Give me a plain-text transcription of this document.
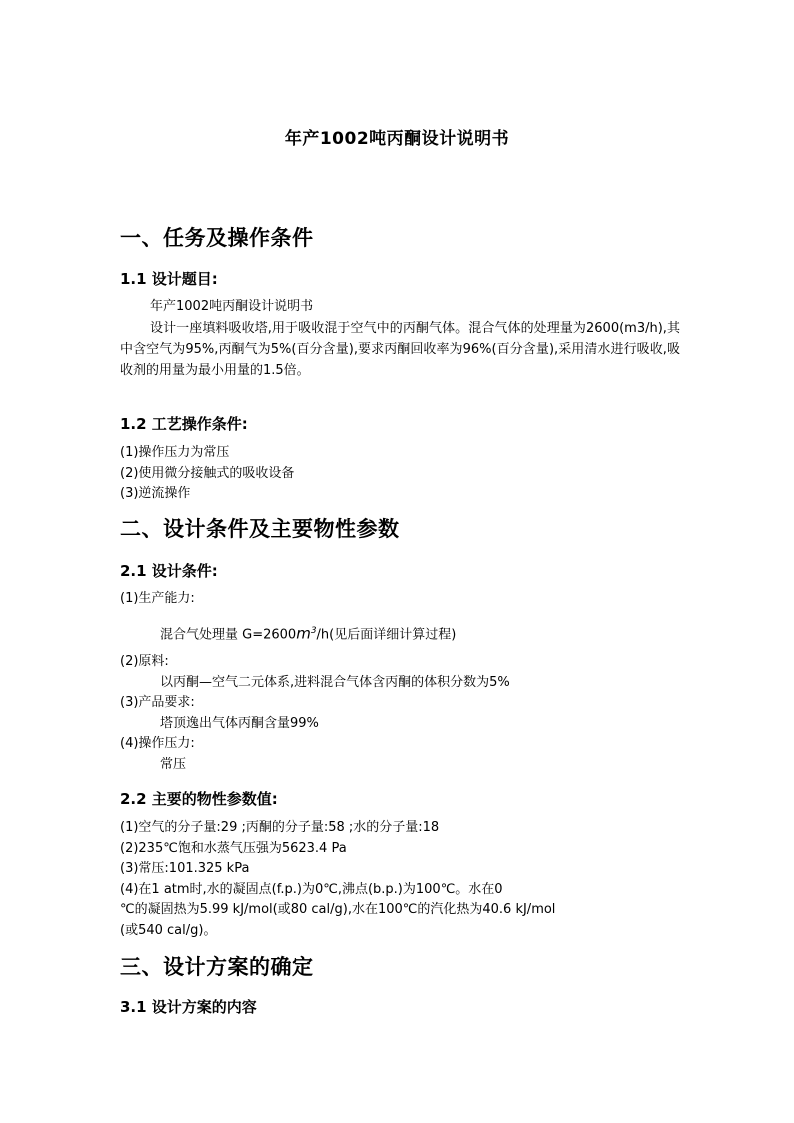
年产1002吨丙酮设计说明书
一、任务及操作条件
1.1 设计题目:
年产1002吨丙酮设计说明书
设计一座填料吸收塔,用于吸收混于空气中的丙酮气体。混合气体的处理量为2600(m3/h),其中含空气为95%,丙酮气为5%(百分含量),要求丙酮回收率为96%(百分含量),采用清水进行吸收,吸收剂的用量为最小用量的1.5倍。
1.2 工艺操作条件:
(1)操作压力为常压
(2)使用微分接触式的吸收设备
(3)逆流操作
二、设计条件及主要物性参数
2.1 设计条件:
(1)生产能力:
混合气处理量 $G=2600m^3/h$(见后面详细计算过程)
(2)原料:
以丙酮—空气二元体系,进料混合气体含丙酮的体积分数为5%
(3)产品要求:
塔顶逸出气体丙酮含量99%
(4)操作压力:
常压
2.2 主要的物性参数值:
(1)空气的分子量:29 ;丙酮的分子量:58 ;水的分子量:18
(2)235℃饱和水蒸气压强为5623.4 Pa
(3)常压:101.325 kPa
(4)在1 atm时,水的凝固点(f.p.)为0℃,沸点(b.p.)为100℃。水在0
℃的凝固热为5.99 kJ/mol(或80 cal/g),水在100℃的汽化热为40.6 kJ/mol
(或540 cal/g)。
三、设计方案的确定
3.1 设计方案的内容
